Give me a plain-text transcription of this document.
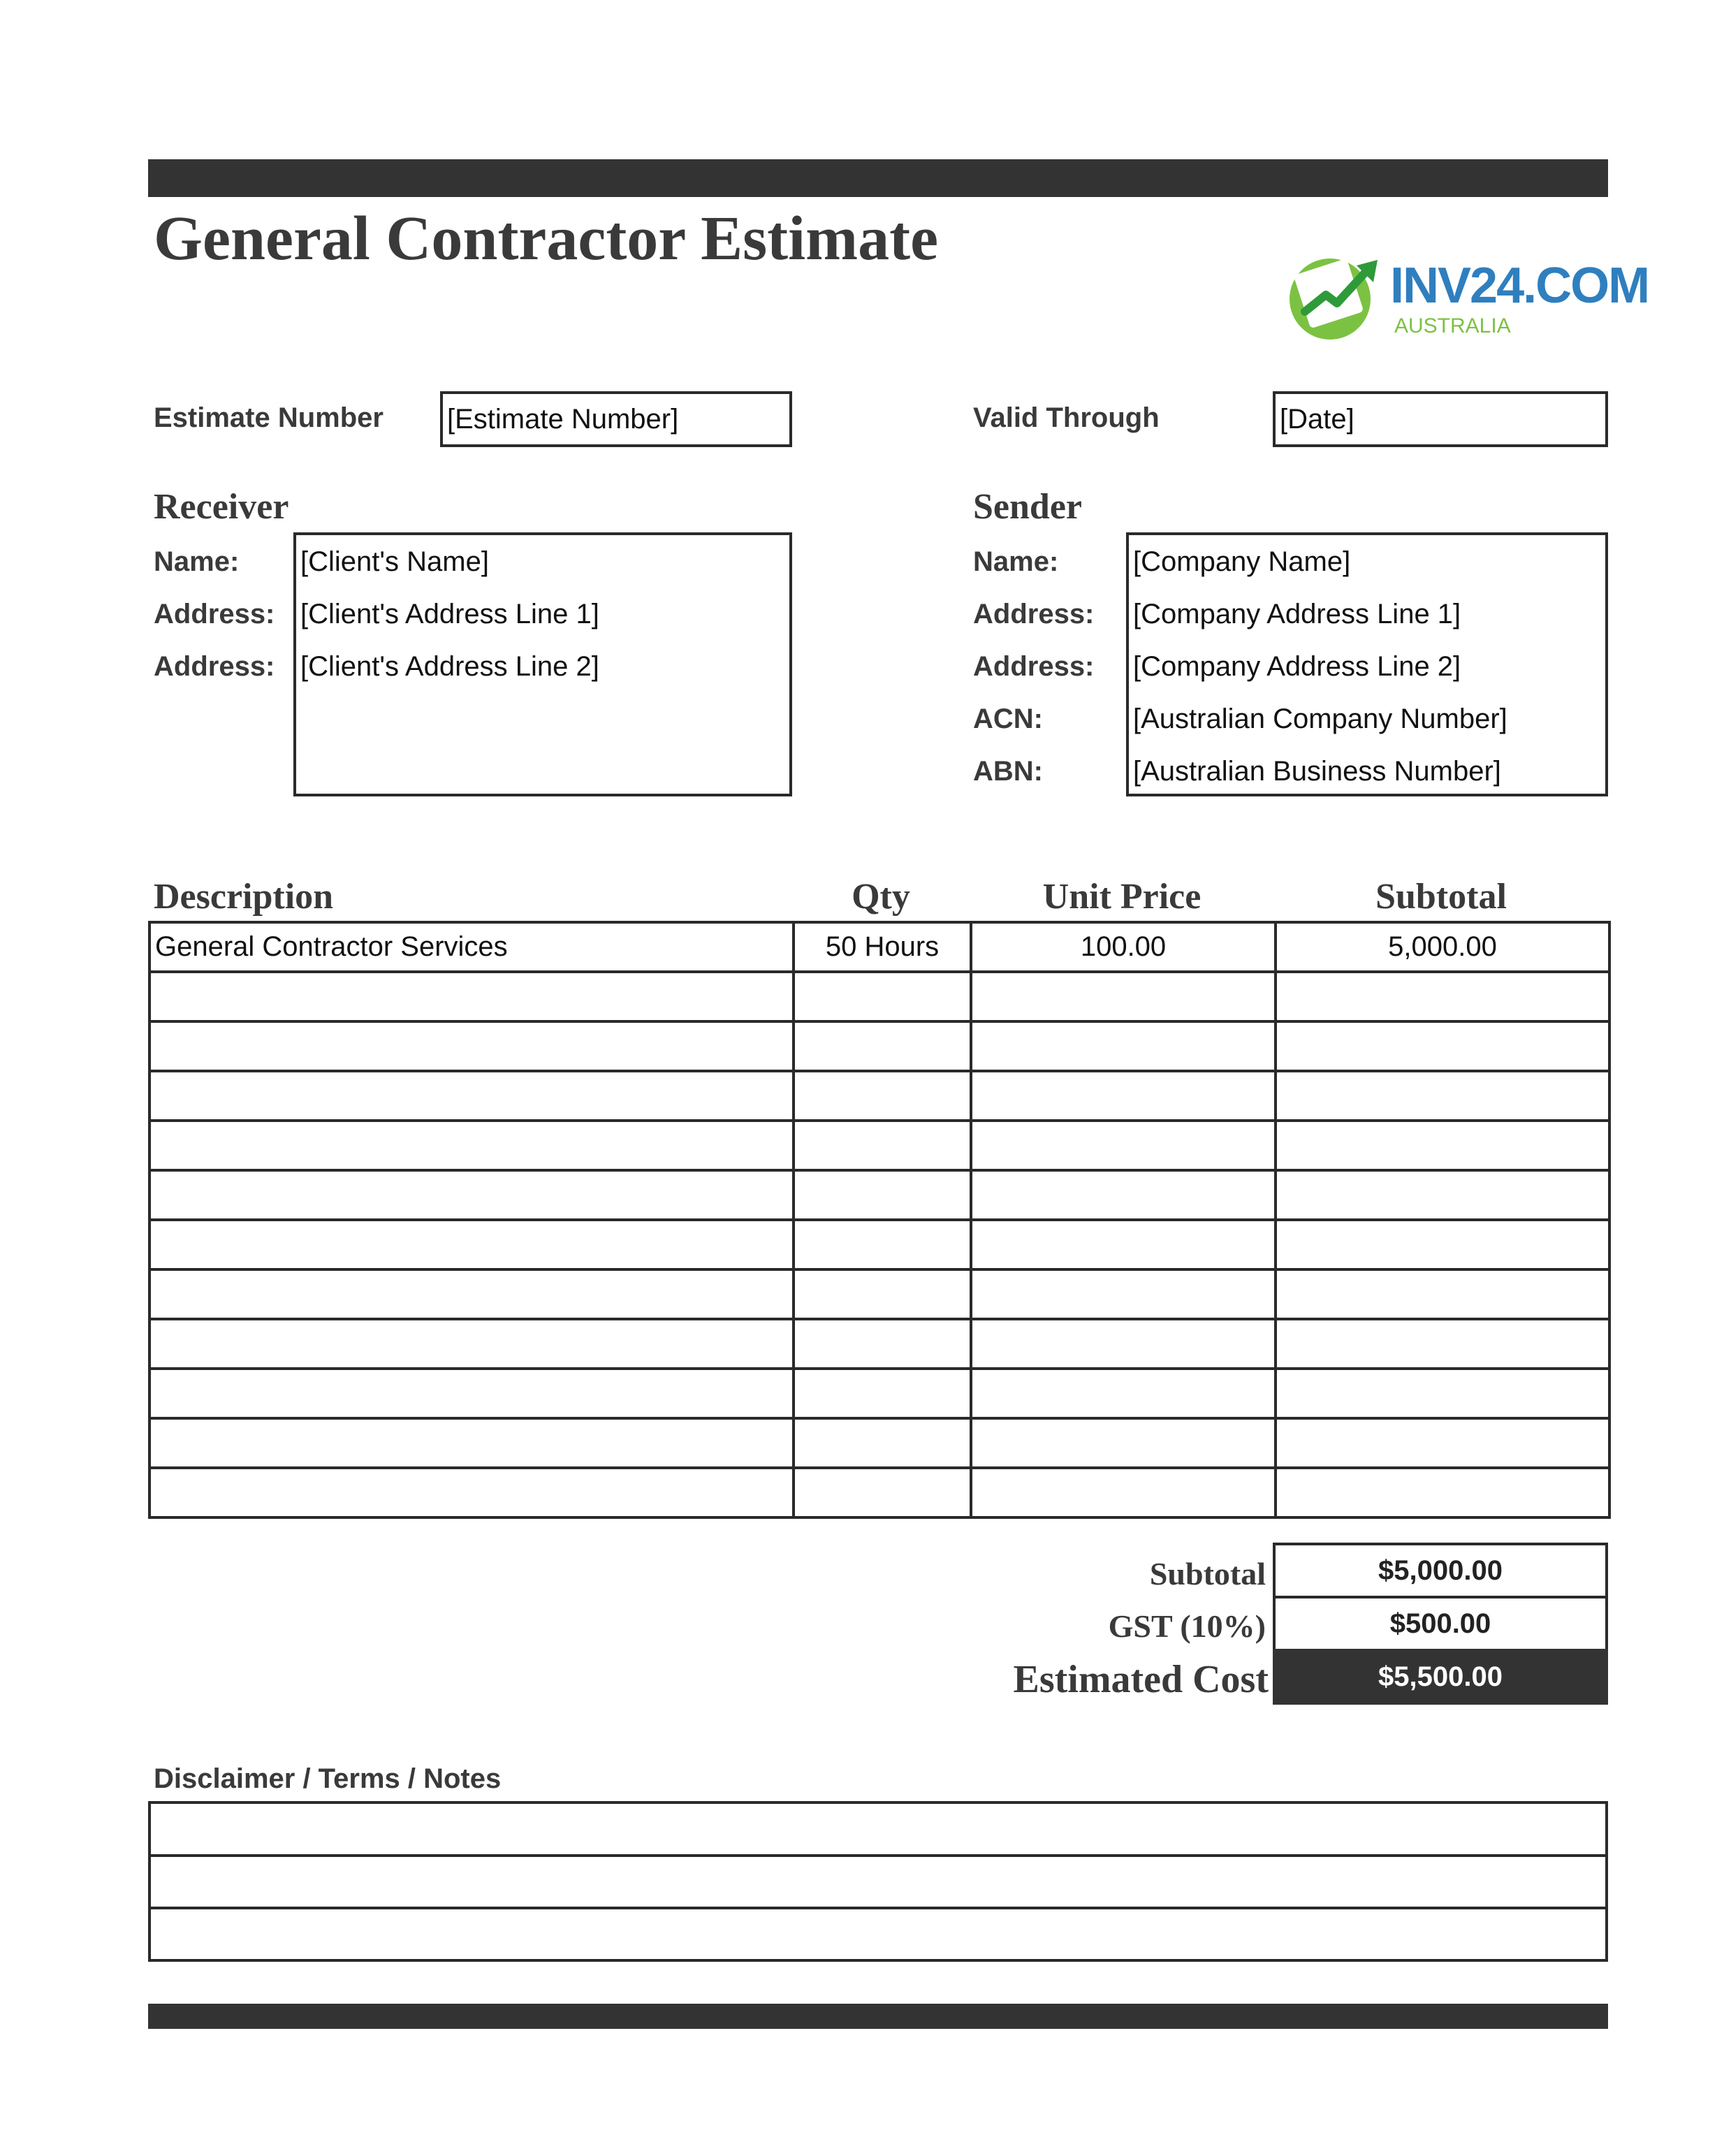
General Contractor Estimate
INV24.COM
AUSTRALIA
Estimate Number [Estimate Number]	Valid Through	[Date]
Receiver
Name: [Client's Name]
Address: [Client's Address Line 1]
Address: [Client's Address Line 2]
Sender
Name:	[Company Name]
Address: [Company Address Line 1]
Address: [Company Address Line 2]
ACN:	[Australian Company Number]
ABN:	[Australian Business Number]
Description	Qty	Unit Price	Subtotal
General Contractor Services	50 Hours	100.00	5,000.00

Subtotal	$5,000.00
GST (10%)	$500.00
Estimated Cost	$5,500.00
Disclaimer / Terms / Notes
